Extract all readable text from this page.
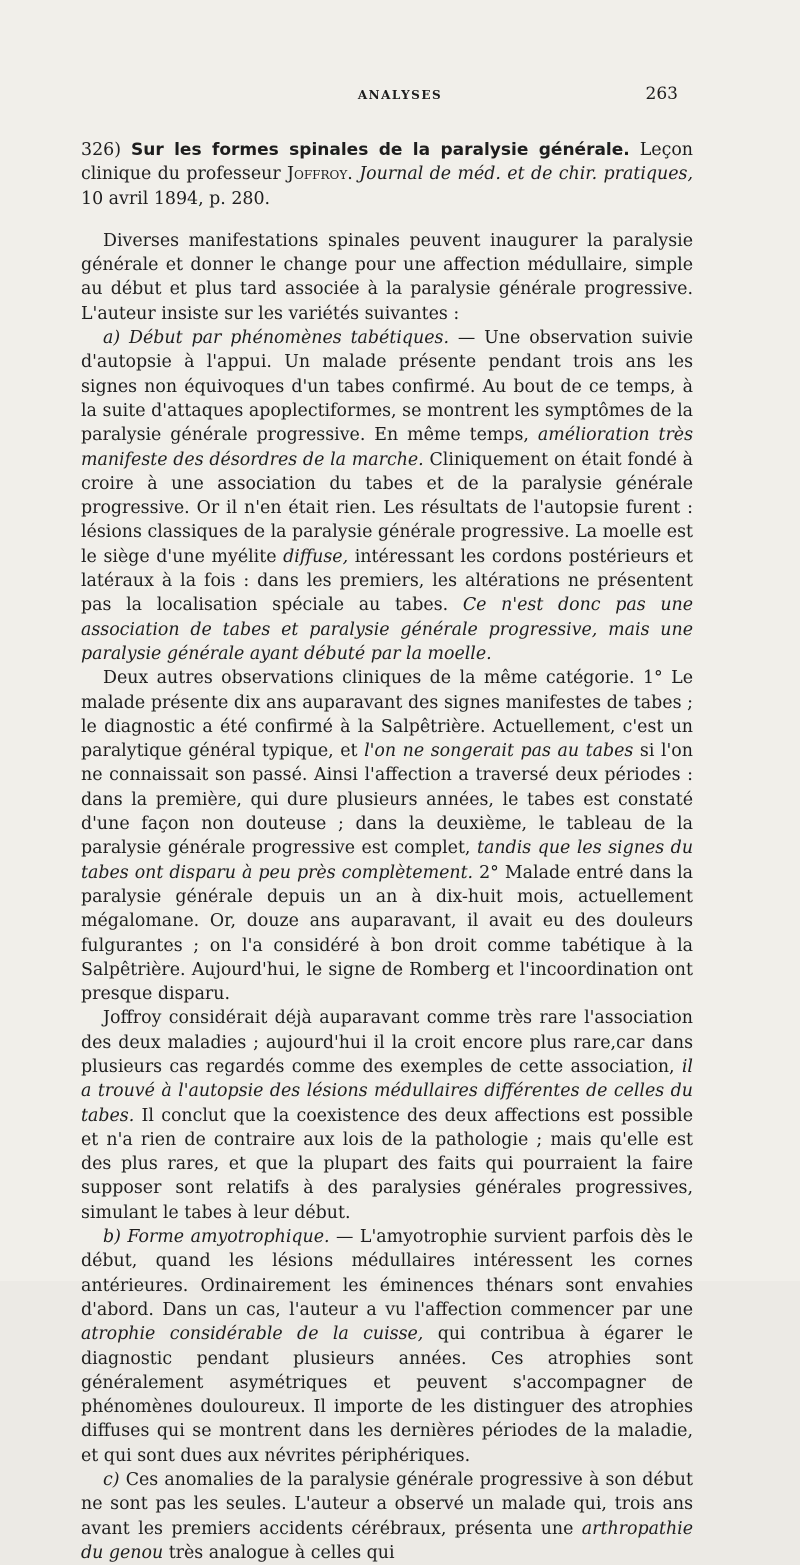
ANALYSES	263

326) Sur les formes spinales de la paralysie générale. Leçon clinique du professeur Joffroy. Journal de méd. et de chir. pratiques, 10 avril 1894, p. 280.

Diverses manifestations spinales peuvent inaugurer la paralysie générale et donner le change pour une affection médullaire, simple au début et plus tard associée à la paralysie générale progressive. L'auteur insiste sur les variétés suivantes :

a) Début par phénomènes tabétiques. — Une observation suivie d'autopsie à l'appui. Un malade présente pendant trois ans les signes non équivoques d'un tabes confirmé. Au bout de ce temps, à la suite d'attaques apoplectiformes, se montrent les symptômes de la paralysie générale progressive. En même temps, amélioration très manifeste des désordres de la marche. Cliniquement on était fondé à croire à une association du tabes et de la paralysie générale progressive. Or il n'en était rien. Les résultats de l'autopsie furent : lésions classiques de la paralysie générale progressive. La moelle est le siège d'une myélite diffuse, intéressant les cordons postérieurs et latéraux à la fois : dans les premiers, les altérations ne présentent pas la localisation spéciale au tabes. Ce n'est donc pas une association de tabes et paralysie générale progressive, mais une paralysie générale ayant débuté par la moelle.

Deux autres observations cliniques de la même catégorie. 1° Le malade présente dix ans auparavant des signes manifestes de tabes ; le diagnostic a été confirmé à la Salpêtrière. Actuellement, c'est un paralytique général typique, et l'on ne songerait pas au tabes si l'on ne connaissait son passé. Ainsi l'affection a traversé deux périodes : dans la première, qui dure plusieurs années, le tabes est constaté d'une façon non douteuse ; dans la deuxième, le tableau de la paralysie générale progressive est complet, tandis que les signes du tabes ont disparu à peu près complètement. 2° Malade entré dans la paralysie générale depuis un an à dix-huit mois, actuellement mégalomane. Or, douze ans auparavant, il avait eu des douleurs fulgurantes ; on l'a considéré à bon droit comme tabétique à la Salpêtrière. Aujourd'hui, le signe de Romberg et l'incoordination ont presque disparu.

Joffroy considérait déjà auparavant comme très rare l'association des deux maladies ; aujourd'hui il la croit encore plus rare,car dans plusieurs cas regardés comme des exemples de cette association, il a trouvé à l'autopsie des lésions médullaires différentes de celles du tabes. Il conclut que la coexistence des deux affections est possible et n'a rien de contraire aux lois de la pathologie ; mais qu'elle est des plus rares, et que la plupart des faits qui pourraient la faire supposer sont relatifs à des paralysies générales progressives, simulant le tabes à leur début.

b) Forme amyotrophique. — L'amyotrophie survient parfois dès le début, quand les lésions médullaires intéressent les cornes antérieures. Ordinairement les éminences thénars sont envahies d'abord. Dans un cas, l'auteur a vu l'affection commencer par une atrophie considérable de la cuisse, qui contribua à égarer le diagnostic pendant plusieurs années. Ces atrophies sont généralement asymétriques et peuvent s'accompagner de phénomènes douloureux. Il importe de les distinguer des atrophies diffuses qui se montrent dans les dernières périodes de la maladie, et qui sont dues aux névrites périphériques.

c) Ces anomalies de la paralysie générale progressive à son début ne sont pas les seules. L'auteur a observé un malade qui, trois ans avant les premiers accidents cérébraux, présenta une arthropathie du genou très analogue à celles qui
